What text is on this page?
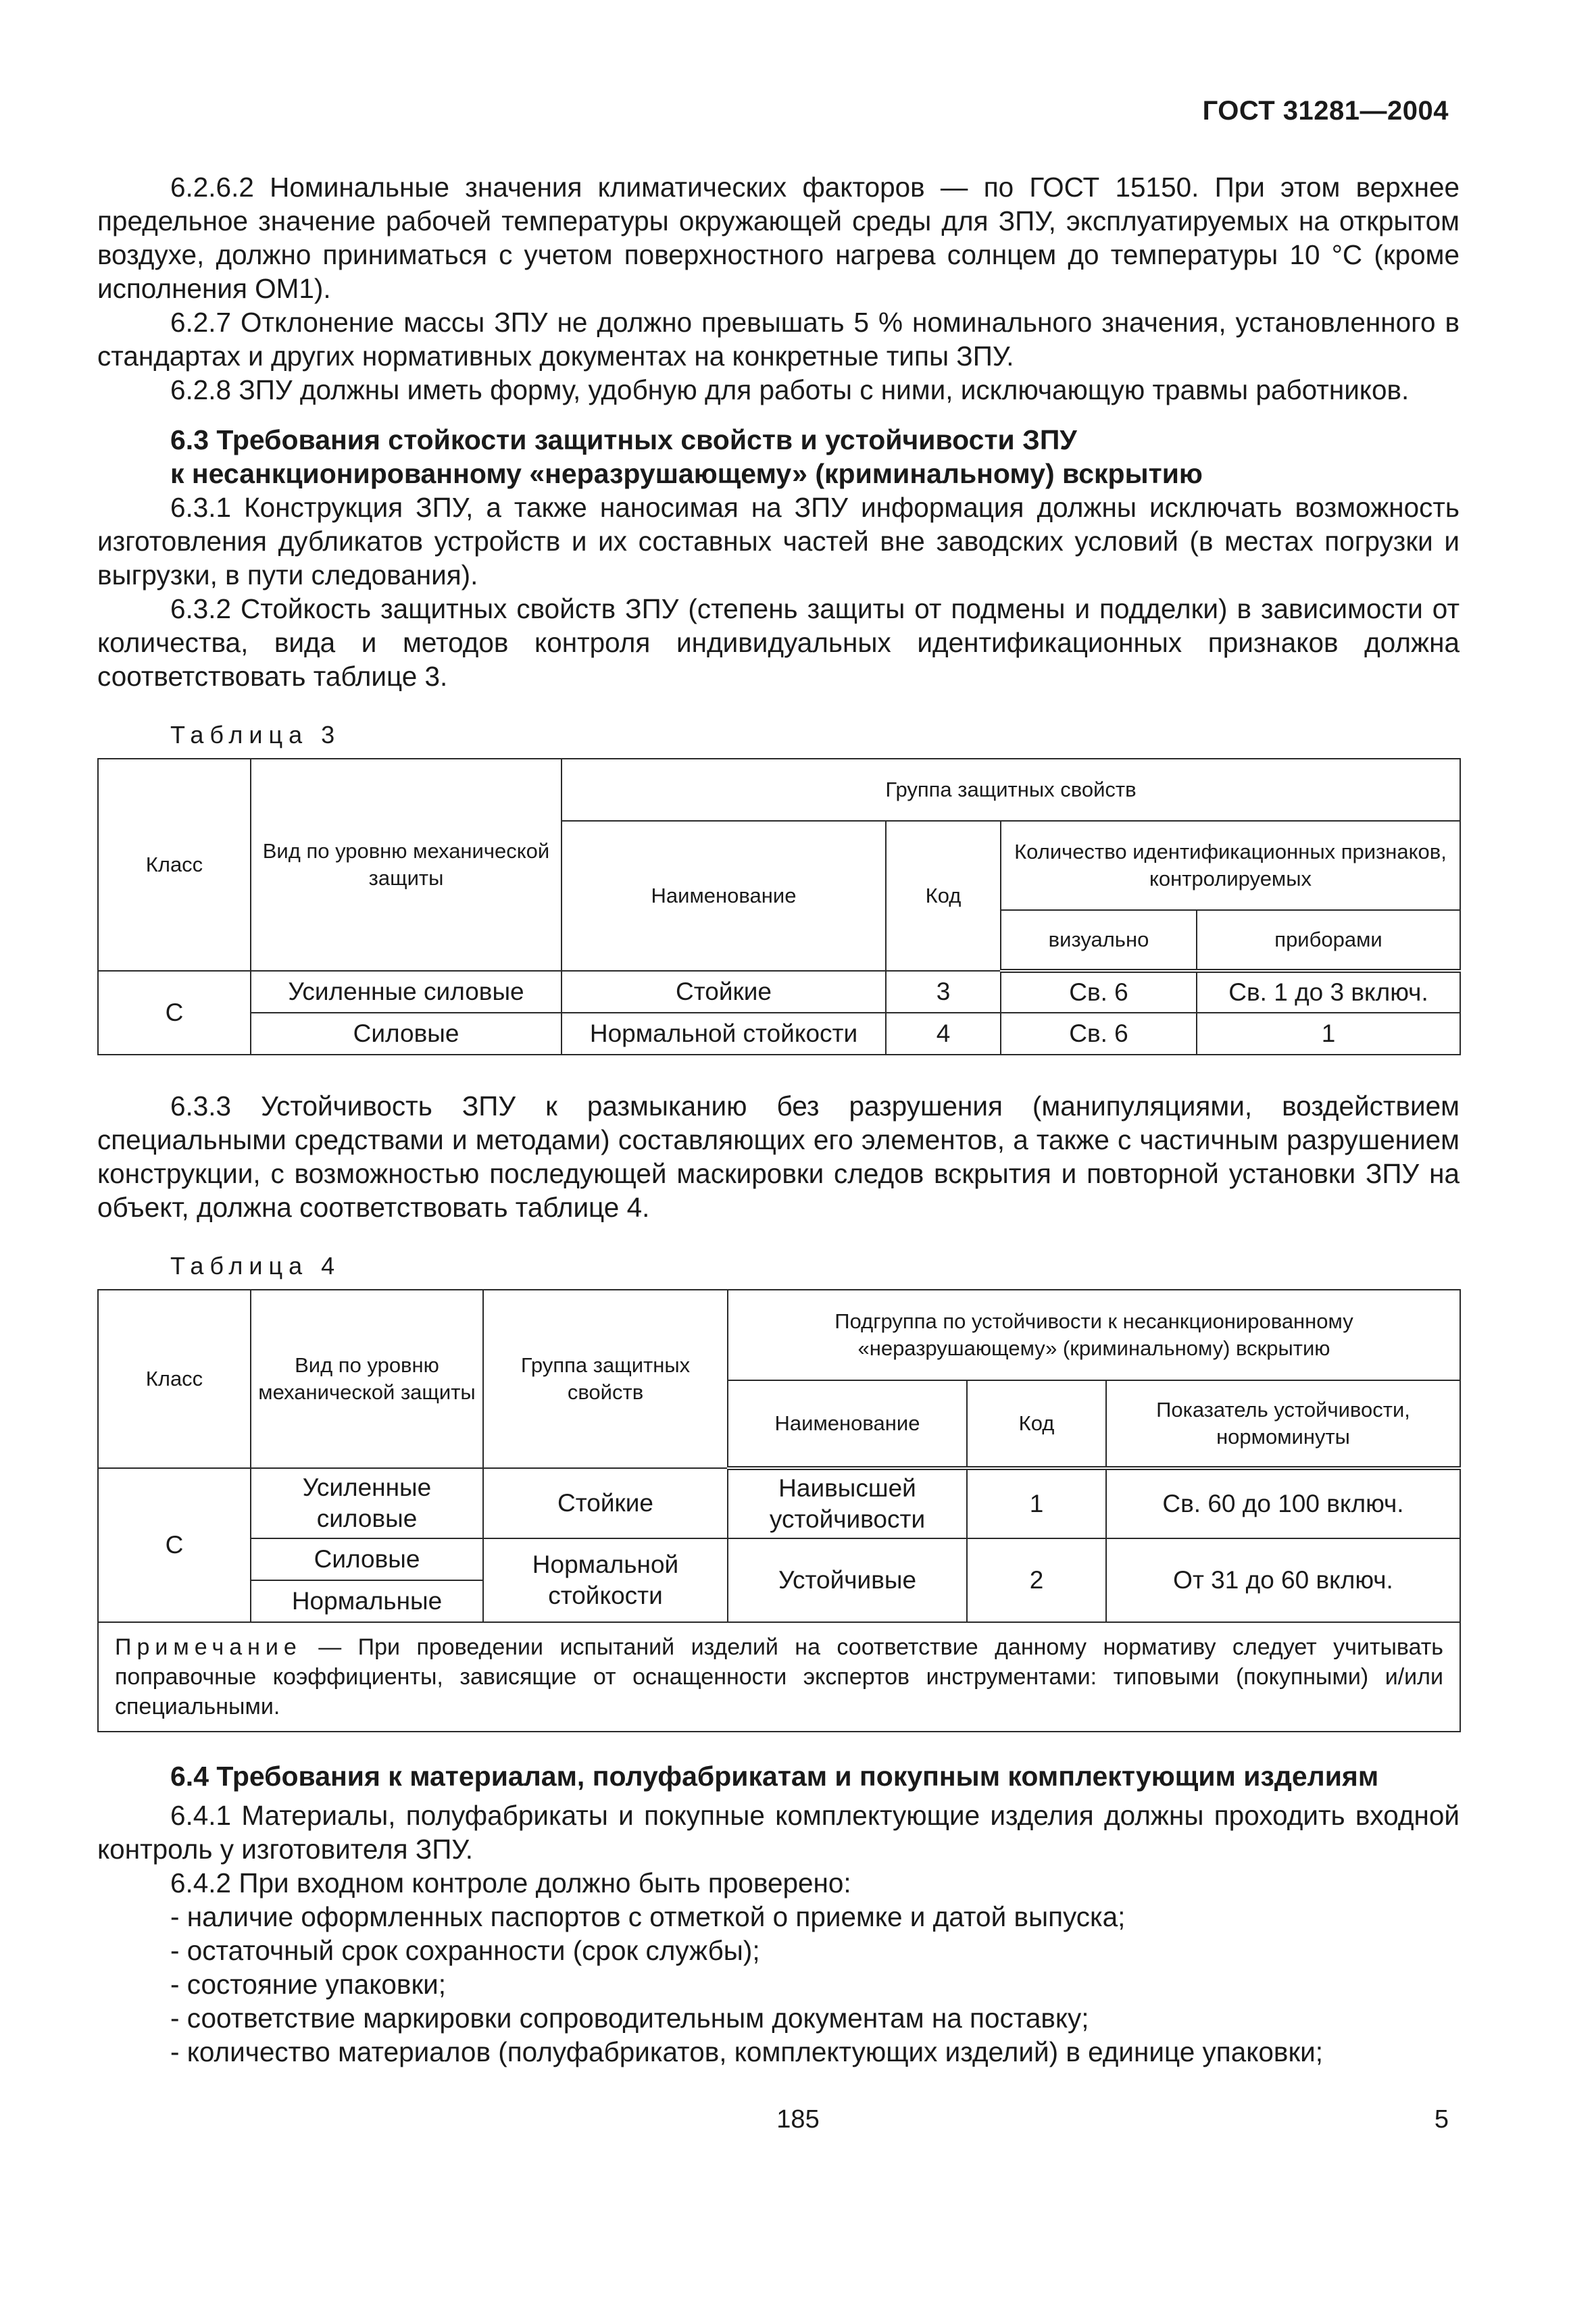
ГОСТ 31281—2004

6.2.6.2 Номинальные значения климатических факторов — по ГОСТ 15150. При этом верхнее предельное значение рабочей температуры окружающей среды для ЗПУ, эксплуатируемых на открытом воздухе, должно приниматься с учетом поверхностного нагрева солнцем до температуры 10 °С (кроме исполнения ОМ1).

6.2.7 Отклонение массы ЗПУ не должно превышать 5 % номинального значения, установленного в стандартах и других нормативных документах на конкретные типы ЗПУ.

6.2.8 ЗПУ должны иметь форму, удобную для работы с ними, исключающую травмы работников.

6.3 Требования стойкости защитных свойств и устойчивости ЗПУ
к несанкционированному «неразрушающему» (криминальному) вскрытию

6.3.1 Конструкция ЗПУ, а также наносимая на ЗПУ информация должны исключать возможность изготовления дубликатов устройств и их составных частей вне заводских условий (в местах погрузки и выгрузки, в пути следования).

6.3.2 Стойкость защитных свойств ЗПУ (степень защиты от подмены и подделки) в зависимости от количества, вида и методов контроля индивидуальных идентификационных признаков должна соответствовать таблице 3.

Таблица 3

Класс	Вид по уровню механической защиты	Группа защитных свойств			
		Наименование	Код	Количество идентификационных признаков, контролируемых	
				визуально	приборами
С	Усиленные силовые	Стойкие	3	Св. 6	Св. 1 до 3 включ.
	Силовые	Нормальной стойкости	4	Св. 6	1

6.3.3 Устойчивость ЗПУ к размыканию без разрушения (манипуляциями, воздействием специальными средствами и методами) составляющих его элементов, а также с частичным разрушением конструкции, с возможностью последующей маскировки следов вскрытия и повторной установки ЗПУ на объект, должна соответствовать таблице 4.

Таблица 4

Класс	Вид по уровню механической защиты	Группа защитных свойств	Подгруппа по устойчивости к несанкционированному «неразрушающему» (криминальному) вскрытию		
			Наименование	Код	Показатель устойчивости, нормоминуты
С	Усиленные силовые	Стойкие	Наивысшей устойчивости	1	Св. 60 до 100 включ.
	Силовые	Нормальной стойкости	Устойчивые	2	От 31 до 60 включ.
	Нормальные				
Примечание — При проведении испытаний изделий на соответствие данному нормативу следует учитывать поправочные коэффициенты, зависящие от оснащенности экспертов инструментами: типовыми (покупными) и/или специальными.					
6.4 Требования к материалам, полуфабрикатам и покупным комплектующим изделиям

6.4.1 Материалы, полуфабрикаты и покупные комплектующие изделия должны проходить входной контроль у изготовителя ЗПУ.

6.4.2 При входном контроле должно быть проверено:

- наличие оформленных паспортов с отметкой о приемке и датой выпуска;

- остаточный срок сохранности (срок службы);

- состояние упаковки;

- соответствие маркировки сопроводительным документам на поставку;

- количество материалов (полуфабрикатов, комплектующих изделий) в единице упаковки;

185	5
